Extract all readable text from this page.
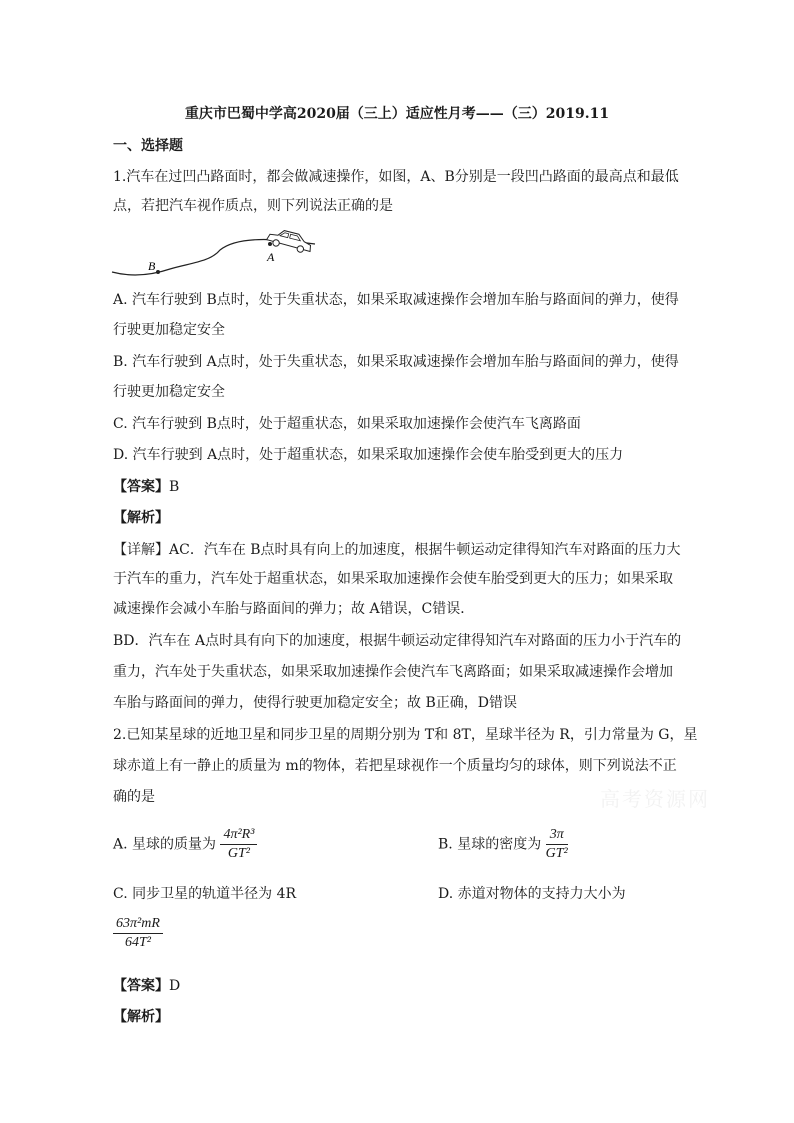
重庆市巴蜀中学高2020届（三上）适应性月考——（三）2019.11
一、选择题
1.汽车在过凹凸路面时，都会做减速操作，如图，A、B分别是一段凹凸路面的最高点和最低
点，若把汽车视作质点，则下列说法正确的是
B
A
A. 汽车行驶到 B点时，处于失重状态，如果采取减速操作会增加车胎与路面间的弹力，使得
行驶更加稳定安全
B. 汽车行驶到 A点时，处于失重状态，如果采取减速操作会增加车胎与路面间的弹力，使得
行驶更加稳定安全
C. 汽车行驶到 B点时，处于超重状态，如果采取加速操作会使汽车飞离路面
D. 汽车行驶到 A点时，处于超重状态，如果采取加速操作会使车胎受到更大的压力
【答案】B
【解析】
【详解】AC．汽车在 B点时具有向上的加速度，根据牛顿运动定律得知汽车对路面的压力大
于汽车的重力，汽车处于超重状态，如果采取加速操作会使车胎受到更大的压力；如果采取
减速操作会减小车胎与路面间的弹力；故 A错误，C错误．
BD．汽车在 A点时具有向下的加速度，根据牛顿运动定律得知汽车对路面的压力小于汽车的
重力，汽车处于失重状态，如果采取加速操作会使汽车飞离路面；如果采取减速操作会增加
车胎与路面间的弹力，使得行驶更加稳定安全；故 B正确，D错误
2.已知某星球的近地卫星和同步卫星的周期分别为 T和 8T，星球半径为 R，引力常量为 G，星
球赤道上有一静止的质量为 m的物体，若把星球视作一个质量均匀的球体，则下列说法不正
确的是	高考资源网
A. 星球的质量为 $\frac{\text{4π²R³}}{\text{GT²}}$	B. 星球的密度为 $\frac{3\pi}{\text{GT²}}$
C. 同步卫星的轨道半径为 4R	D. 赤道对物体的支持力大小为
$\frac{\text{63π²mR}}{\text{64T²}}$
【答案】D
【解析】
